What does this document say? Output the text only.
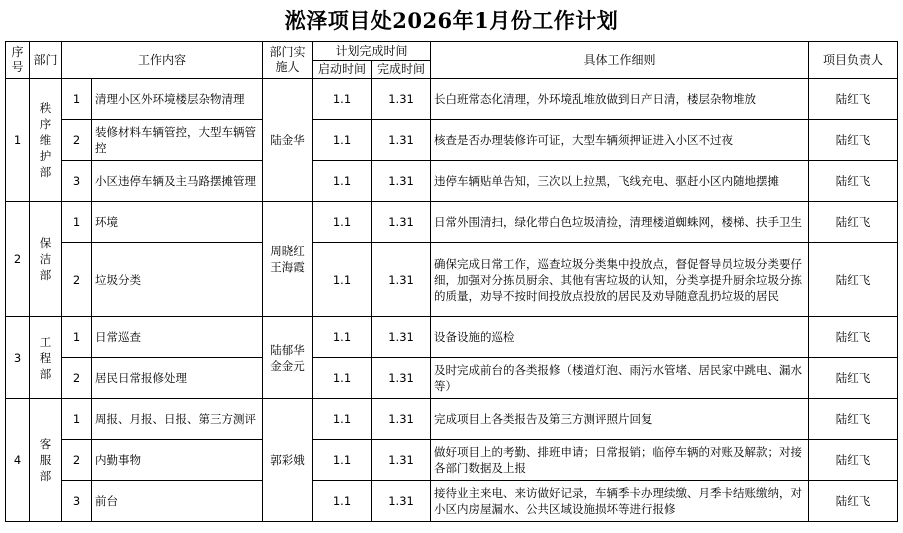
淞泽项目处2026年1月份工作计划
序号	部门	工作内容		部门实施人	计划完成时间		具体工作细则	项目负责人
					启动时间	完成时间		
1	秩序维护部	1	清理小区外环境楼层杂物清理	陆金华	1.1	1.31	长白班常态化清理，外环境乱堆放做到日产日清，楼层杂物堆放	陆红飞
		2	装修材料车辆管控，大型车辆管控		1.1	1.31	核查是否办理装修许可证，大型车辆须押证进入小区不过夜	陆红飞
		3	小区违停车辆及主马路摆摊管理		1.1	1.31	违停车辆贴单告知，三次以上拉黑，飞线充电、驱赶小区内随地摆摊	陆红飞
2	保洁部	1	环境	周晓红王海霞	1.1	1.31	日常外围清扫，绿化带白色垃圾清捡，清理楼道蜘蛛网，楼梯、扶手卫生	陆红飞
		2	垃圾分类		1.1	1.31	确保完成日常工作，巡查垃圾分类集中投放点，督促督导员垃圾分类要仔细，加强对分拣员厨余、其他有害垃圾的认知，分类享提升厨余垃圾分拣的质量，劝导不按时间投放点投放的居民及劝导随意乱扔垃圾的居民	陆红飞
3	工程部	1	日常巡查	陆郁华金金元	1.1	1.31	设备设施的巡检	陆红飞
		2	居民日常报修处理		1.1	1.31	及时完成前台的各类报修（楼道灯泡、雨污水管堵、居民家中跳电、漏水等）	陆红飞
4	客服部	1	周报、月报、日报、第三方测评	郭彩娥	1.1	1.31	完成项目上各类报告及第三方测评照片回复	陆红飞
		2	内勤事物		1.1	1.31	做好项目上的考勤、排班申请；日常报销；临停车辆的对账及解款；对接各部门数据及上报	陆红飞
		3	前台		1.1	1.31	接待业主来电、来访做好记录，车辆季卡办理续缴、月季卡结账缴纳，对小区内房屋漏水、公共区域设施损坏等进行报修	陆红飞
